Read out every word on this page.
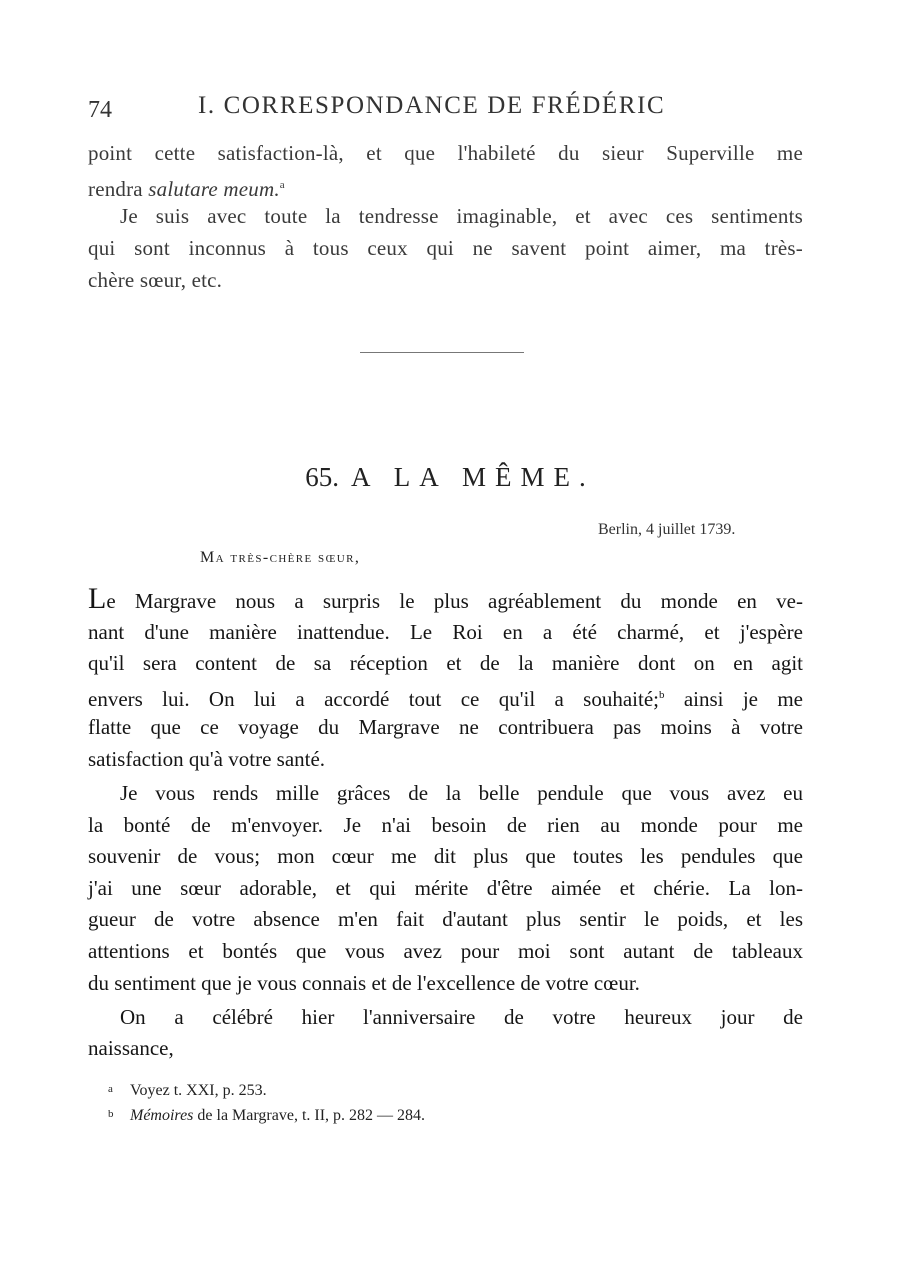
74	I. CORRESPONDANCE DE FRÉDÉRIC
point cette satisfaction-là, et que l'habileté du sieur Superville me
rendra salutare meum.$^a$
Je suis avec toute la tendresse imaginable, et avec ces sentiments
qui sont inconnus à tous ceux qui ne savent point aimer, ma très-
chère sœur, etc.
65. A LA MÊME.
Berlin, 4 juillet 1739.
Ma très-chère sœur,
Le Margrave nous a surpris le plus agréablement du monde en ve-
nant d'une manière inattendue. Le Roi en a été charmé, et j'espère
qu'il sera content de sa réception et de la manière dont on en agit
envers lui. On lui a accordé tout ce qu'il a souhaité;$^b$ ainsi je me
flatte que ce voyage du Margrave ne contribuera pas moins à votre
satisfaction qu'à votre santé.
Je vous rends mille grâces de la belle pendule que vous avez eu
la bonté de m'envoyer. Je n'ai besoin de rien au monde pour me
souvenir de vous; mon cœur me dit plus que toutes les pendules que
j'ai une sœur adorable, et qui mérite d'être aimée et chérie. La lon-
gueur de votre absence m'en fait d'autant plus sentir le poids, et les
attentions et bontés que vous avez pour moi sont autant de tableaux
du sentiment que je vous connais et de l'excellence de votre cœur.
On a célébré hier l'anniversaire de votre heureux jour de
naissance,
a Voyez t. XXI, p. 253.
b Mémoires de la Margrave, t. II, p. 282 — 284.
